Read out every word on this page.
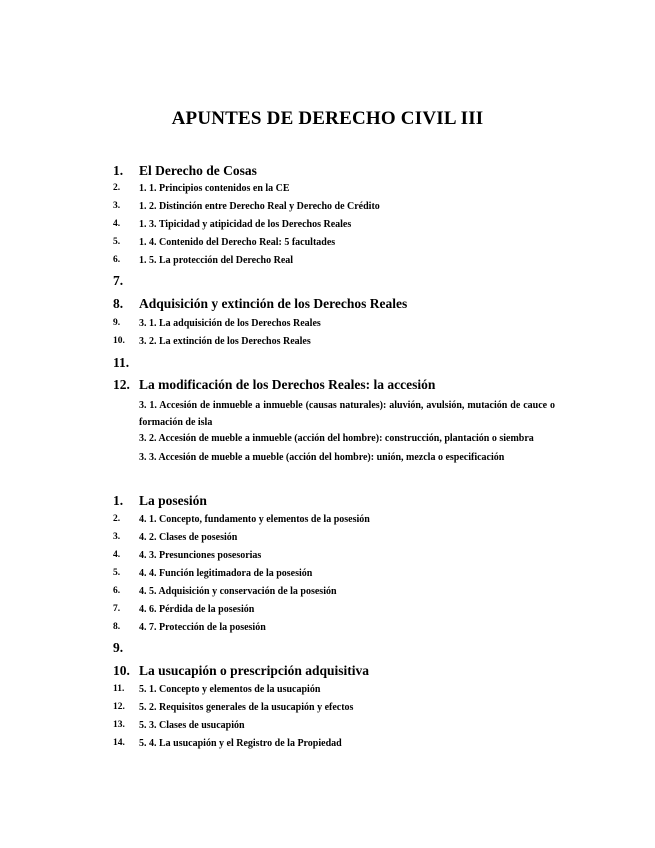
APUNTES DE DERECHO CIVIL III
1. El Derecho de Cosas
2. 1. 1. Principios contenidos en la CE
3. 1. 2. Distinción entre Derecho Real y Derecho de Crédito
4. 1. 3. Tipicidad y atipicidad de los Derechos Reales
5. 1. 4. Contenido del Derecho Real: 5 facultades
6. 1. 5. La protección del Derecho Real
7.
8. Adquisición y extinción de los Derechos Reales
9. 3. 1. La adquisición de los Derechos Reales
10. 3. 2. La extinción de los Derechos Reales
11.
12. La modificación de los Derechos Reales: la accesión
3. 1. Accesión de inmueble a inmueble (causas naturales): aluvión, avulsión, mutación de cauce o formación de isla
3. 2. Accesión de mueble a inmueble (acción del hombre): construcción, plantación o siembra
3. 3. Accesión de mueble a mueble (acción del hombre): unión, mezcla o especificación
1. La posesión
2. 4. 1. Concepto, fundamento y elementos de la posesión
3. 4. 2. Clases de posesión
4. 4. 3. Presunciones posesorias
5. 4. 4. Función legitimadora de la posesión
6. 4. 5. Adquisición y conservación de la posesión
7. 4. 6. Pérdida de la posesión
8. 4. 7. Protección de la posesión
9.
10. La usucapión o prescripción adquisitiva
11. 5. 1. Concepto y elementos de la usucapión
12. 5. 2. Requisitos generales de la usucapión y efectos
13. 5. 3. Clases de usucapión
14. 5. 4. La usucapión y el Registro de la Propiedad
